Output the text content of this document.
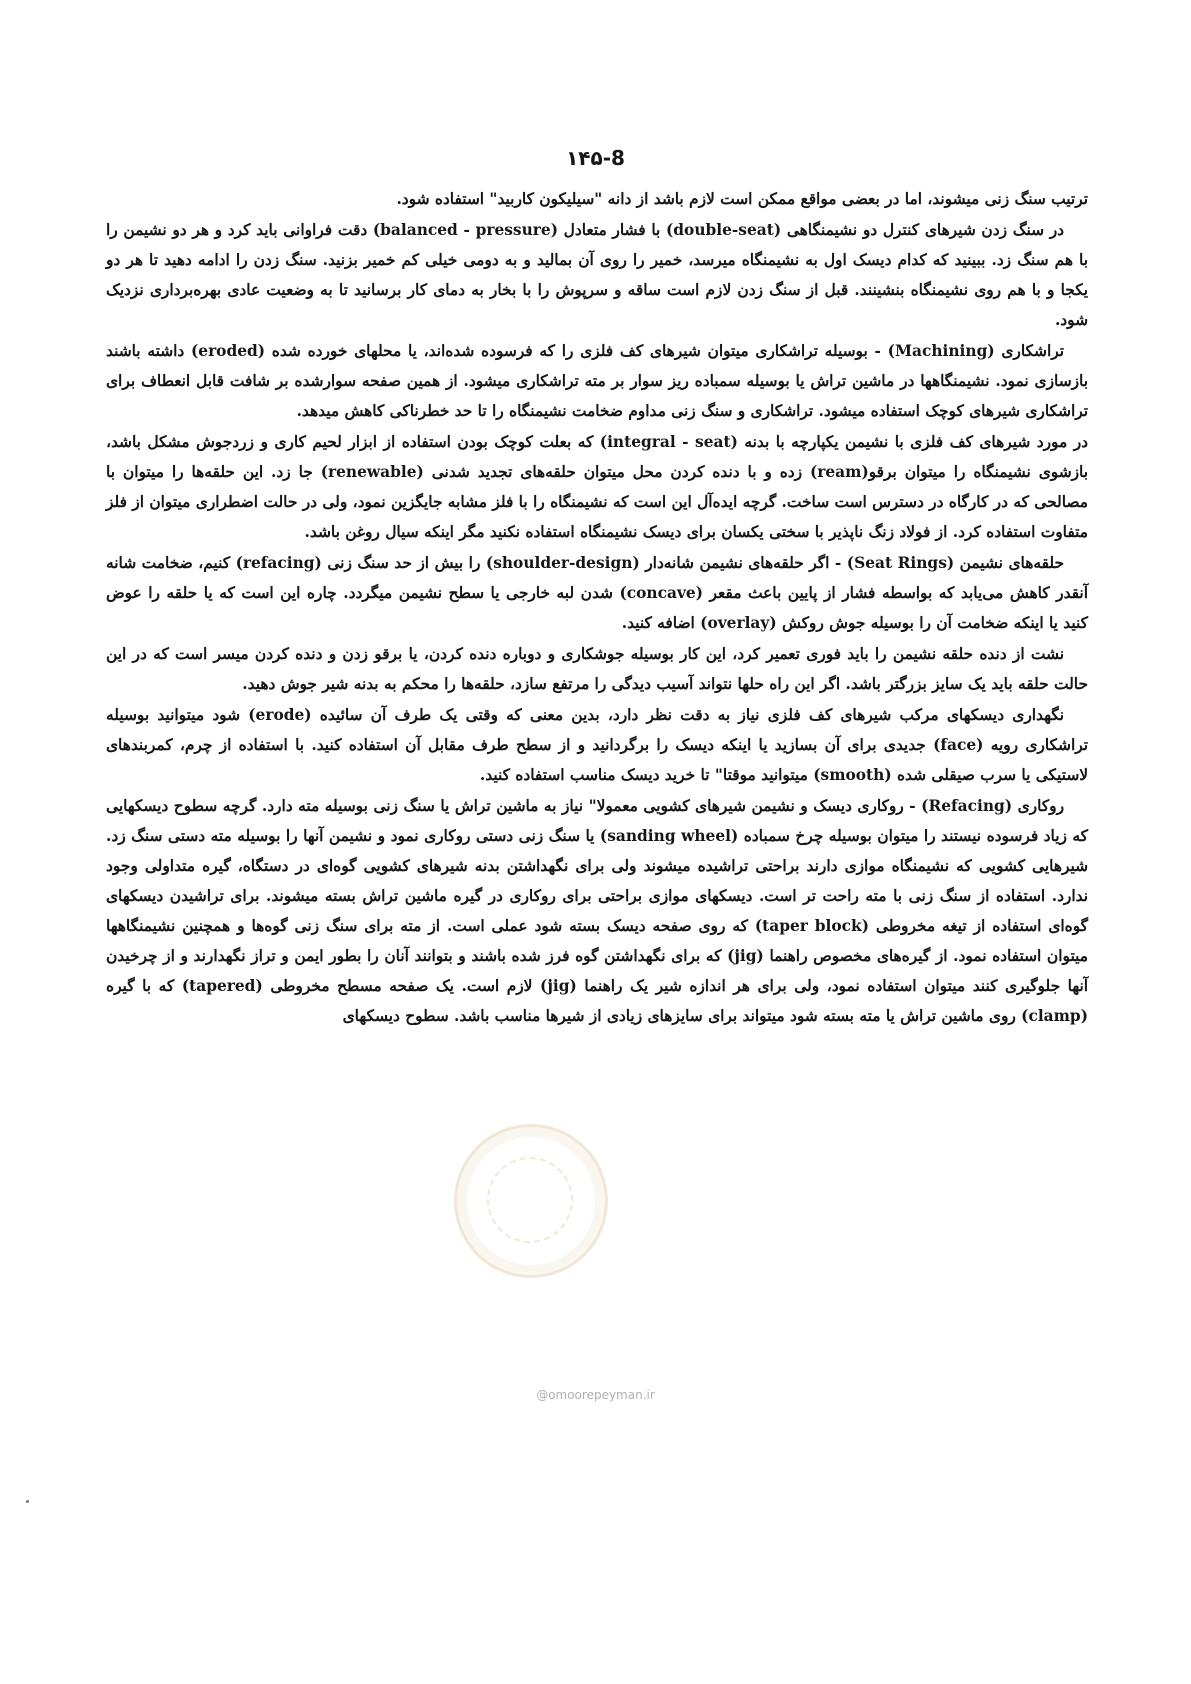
۱۴۵-8

ترتیب سنگ زنی میشوند، اما در بعضی مواقع ممکن است لازم باشد از دانه "سیلیکون کاربید" استفاده شود.

در سنگ زدن شیرهای کنترل دو نشیمنگاهی (double-seat) با فشار متعادل (balanced - pressure) دقت فراوانی باید کرد و هر دو نشیمن را با هم سنگ زد. ببینید که کدام دیسک اول به نشیمنگاه میرسد، خمیر را روی آن بمالید و به دومی خیلی کم خمیر بزنید. سنگ زدن را ادامه دهید تا هر دو یکجا و با هم روی نشیمنگاه بنشینند. قبل از سنگ زدن لازم است ساقه و سرپوش را با بخار به دمای کار برسانید تا به وضعیت عادی بهره‌برداری نزدیک شود.

تراشکاری (Machining) - بوسیله تراشکاری میتوان شیرهای کف فلزی را که فرسوده شده‌اند، یا محلهای خورده شده (eroded) داشته باشند بازسازی نمود. نشیمنگاهها در ماشین تراش یا بوسیله سمباده ریز سوار بر مته تراشکاری میشود. از همین صفحه سوارشده بر شافت قابل انعطاف برای تراشکاری شیرهای کوچک استفاده میشود. تراشکاری و سنگ زنی مداوم ضخامت نشیمنگاه را تا حد خطرناکی کاهش میدهد.

در مورد شیرهای کف فلزی با نشیمن یکپارچه با بدنه (integral - seat) که بعلت کوچک بودن استفاده از ابزار لحیم کاری و زردجوش مشکل باشد، بازشوی نشیمنگاه را میتوان برقو(ream) زده و با دنده کردن محل میتوان حلقه‌های تجدید شدنی (renewable) جا زد. این حلقه‌ها را میتوان با مصالحی که در کارگاه در دسترس است ساخت. گرچه ایده‌آل این است که نشیمنگاه را با فلز مشابه جایگزین نمود، ولی در حالت اضطراری میتوان از فلز متفاوت استفاده کرد. از فولاد زنگ ناپذیر با سختی یکسان برای دیسک نشیمنگاه استفاده نکنید مگر اینکه سیال روغن باشد.

حلقه‌های نشیمن (Seat Rings) - اگر حلقه‌های نشیمن شانه‌دار (shoulder-design) را بیش از حد سنگ زنی (refacing) کنیم، ضخامت شانه آنقدر کاهش می‌یابد که بواسطه فشار از پایین باعث مقعر (concave) شدن لبه خارجی یا سطح نشیمن میگردد. چاره این است که یا حلقه را عوض کنید یا اینکه ضخامت آن را بوسیله جوش روکش (overlay) اضافه کنید.

نشت از دنده حلقه نشیمن را باید فوری تعمیر کرد، این کار بوسیله جوشکاری و دوباره دنده کردن، یا برقو زدن و دنده کردن میسر است که در این حالت حلقه باید یک سایز بزرگتر باشد. اگر این راه حلها نتواند آسیب دیدگی را مرتفع سازد، حلقه‌ها را محکم به بدنه شیر جوش دهید.

نگهداری دیسکهای مرکب شیرهای کف فلزی نیاز به دقت نظر دارد، بدین معنی که وقتی یک طرف آن سائیده (erode) شود میتوانید بوسیله تراشکاری رویه (face) جدیدی برای آن بسازید یا اینکه دیسک را برگردانید و از سطح طرف مقابل آن استفاده کنید. با استفاده از چرم، کمربندهای لاستیکی یا سرب صیقلی شده (smooth) میتوانید موقتا" تا خرید دیسک مناسب استفاده کنید.

روکاری (Refacing) - روکاری دیسک و نشیمن شیرهای کشویی معمولا" نیاز به ماشین تراش یا سنگ زنی بوسیله مته دارد. گرچه سطوح دیسکهایی که زیاد فرسوده نیستند را میتوان بوسیله چرخ سمباده (sanding wheel) یا سنگ زنی دستی روکاری نمود و نشیمن آنها را بوسیله مته دستی سنگ زد. شیرهایی کشویی که نشیمنگاه موازی دارند براحتی تراشیده میشوند ولی برای نگهداشتن بدنه شیرهای کشویی گوه‌ای در دستگاه، گیره متداولی وجود ندارد. استفاده از سنگ زنی با مته راحت تر است. دیسکهای موازی براحتی برای روکاری در گیره ماشین تراش بسته میشوند. برای تراشیدن دیسکهای گوه‌ای استفاده از تیغه مخروطی (taper block) که روی صفحه دیسک بسته شود عملی است. از مته برای سنگ زنی گوه‌ها و همچنین نشیمنگاهها میتوان استفاده نمود. از گیره‌های مخصوص راهنما (jig) که برای نگهداشتن گوه فرز شده باشند و بتوانند آنان را بطور ایمن و تراز نگهدارند و از چرخیدن آنها جلوگیری کنند میتوان استفاده نمود، ولی برای هر اندازه شیر یک راهنما (jig) لازم است. یک صفحه مسطح مخروطی (tapered) که با گیره (clamp) روی ماشین تراش یا مته بسته شود میتواند برای سایزهای زیادی از شیرها مناسب باشد. سطوح دیسکهای

@omoorepeyman.ir
